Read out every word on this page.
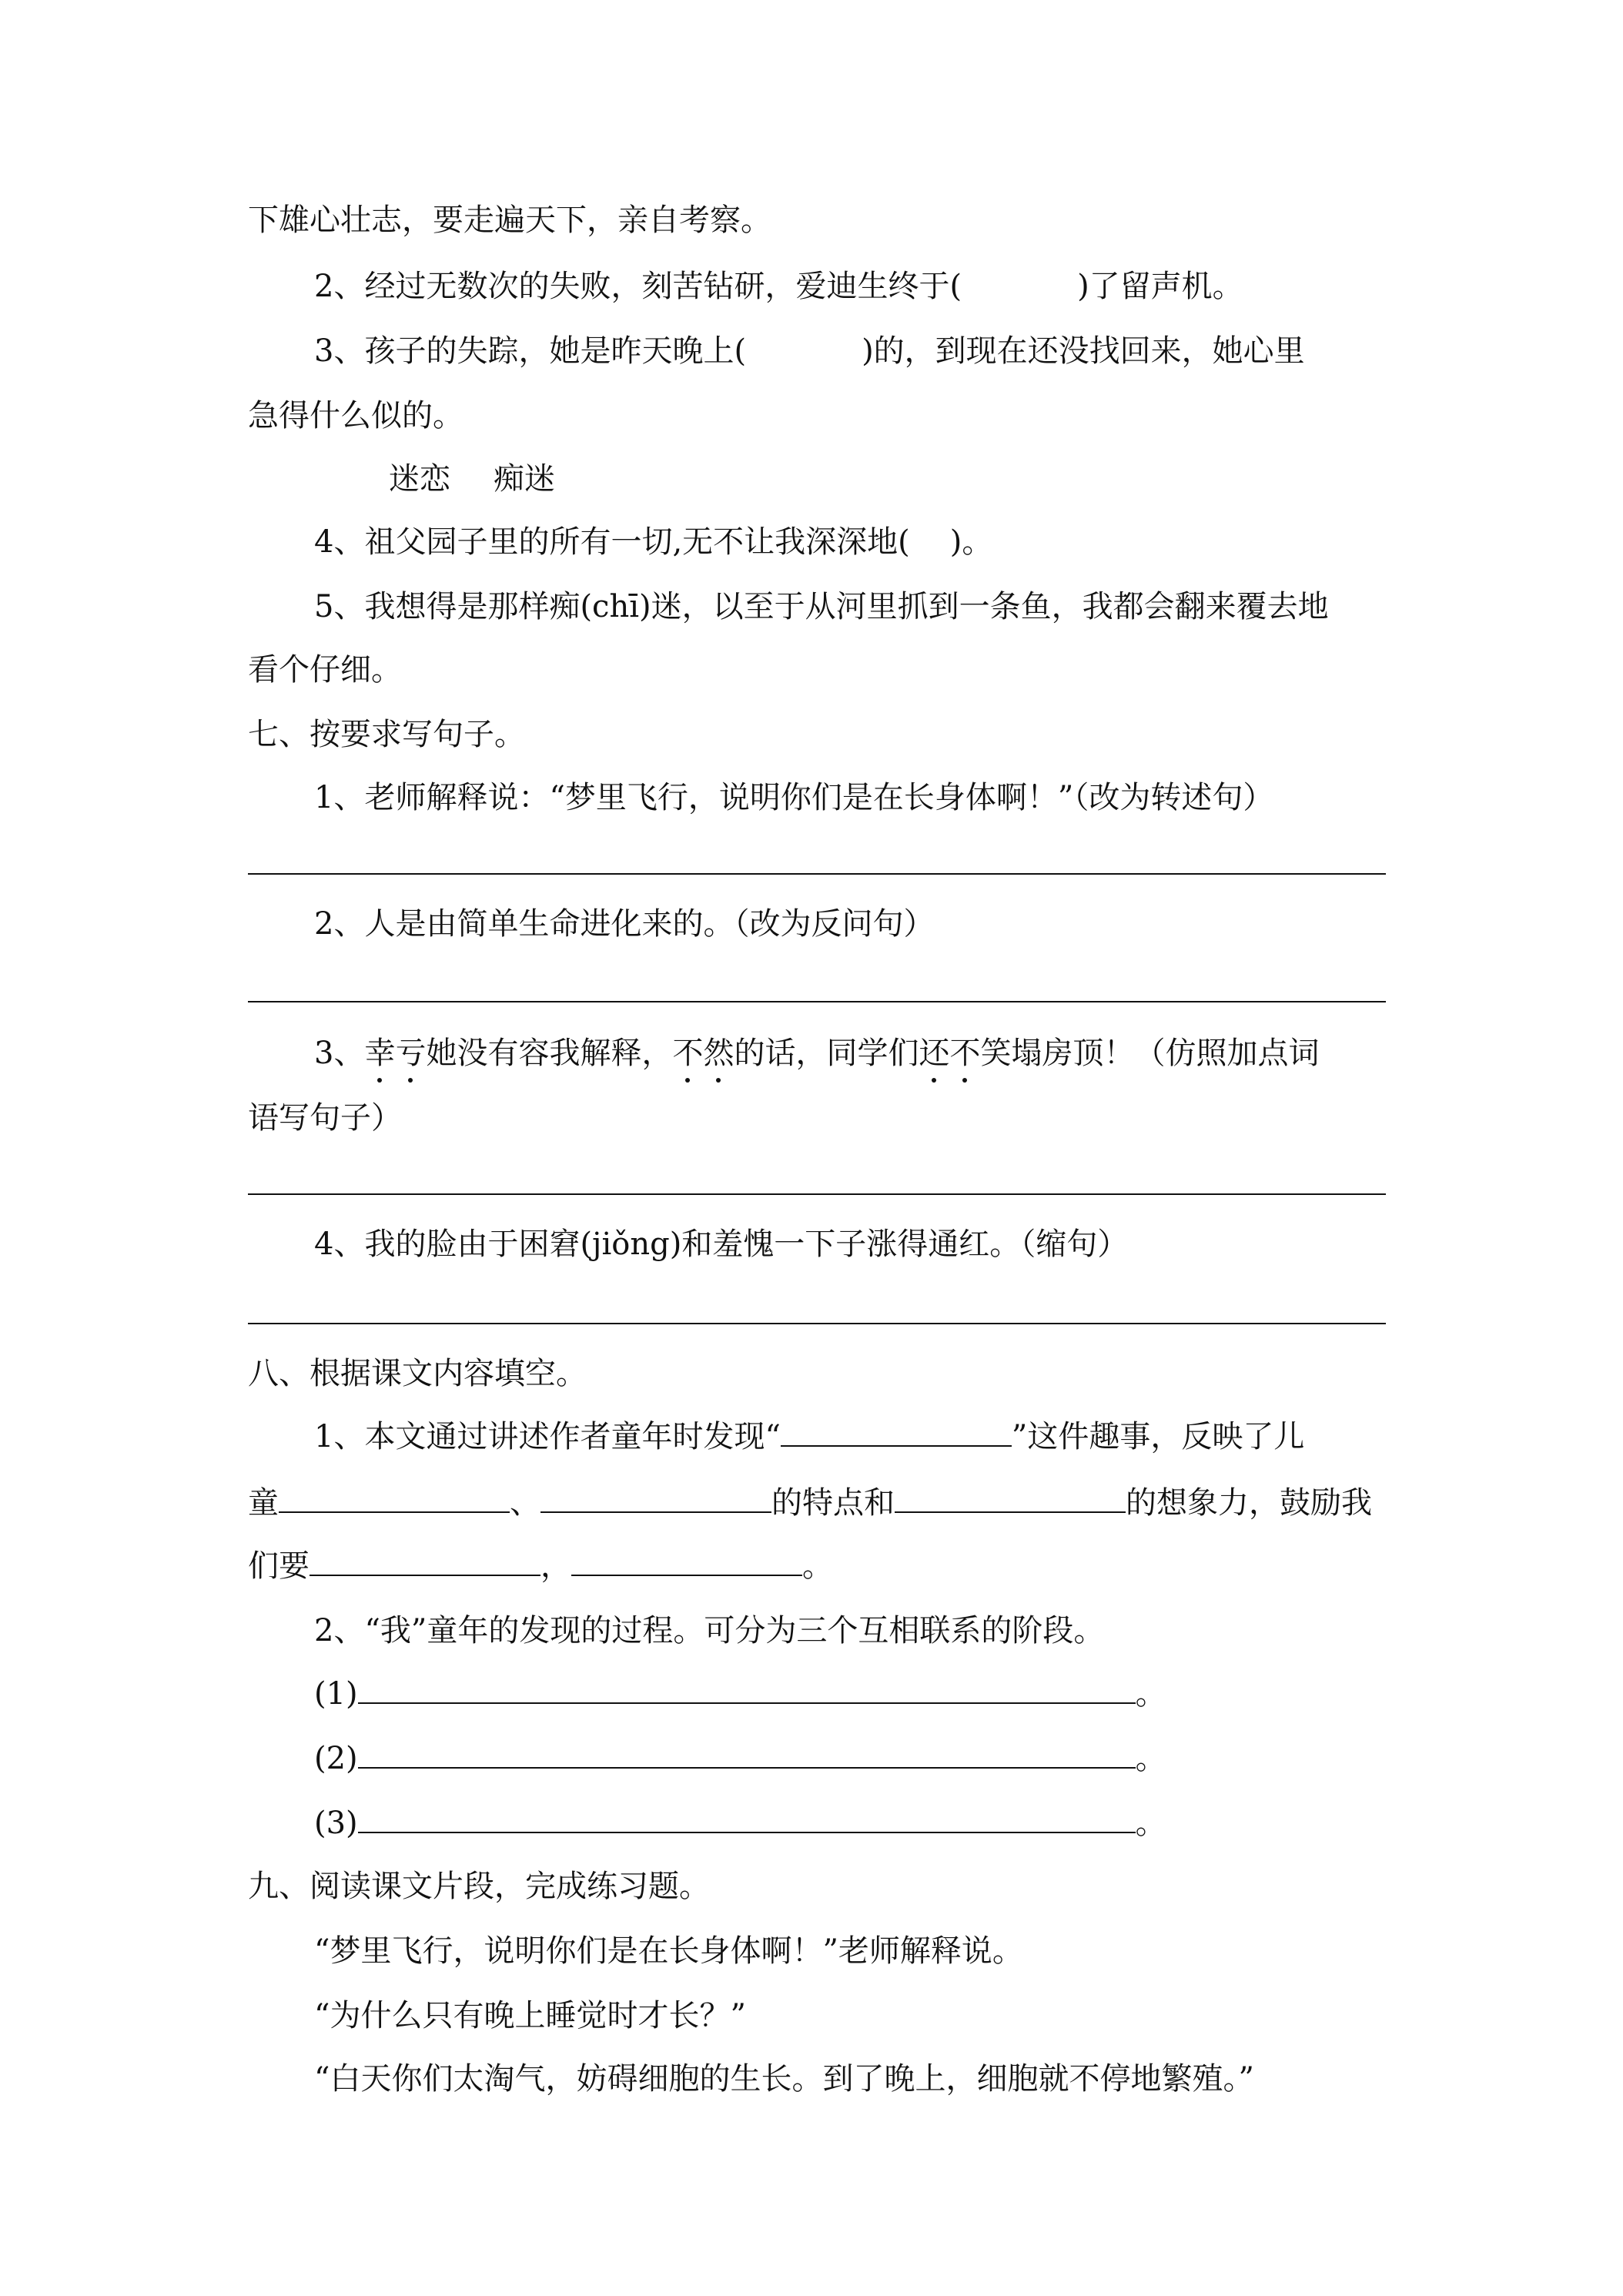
下雄心壮志，要走遍天下，亲自考察。
2、经过无数次的失败，刻苦钻研，爱迪生终于(	)了留声机。
3、孩子的失踪，她是昨天晚上(	)的，到现在还没找回来，她心里
急得什么似的。
迷恋 痴迷
4、祖父园子里的所有一切,无不让我深深地( )。
5、我想得是那样痴(chī)迷，以至于从河里抓到一条鱼，我都会翻来覆去地
看个仔细。
七、按要求写句子。
1、老师解释说：“梦里飞行，说明你们是在长身体啊！”（改为转述句）
2、人是由简单生命进化来的。（改为反问句）
3、幸亏她没有容我解释，不然的话，同学们还不笑塌房顶！（仿照加点词
语写句子）
4、我的脸由于困窘(jiǒng)和羞愧一下子涨得通红。（缩句）
八、根据课文内容填空。
1、本文通过讲述作者童年时发现“	”这件趣事，反映了儿
童	、	的特点和	的想象力，鼓励我
们要	，	。
2、“我”童年的发现的过程。可分为三个互相联系的阶段。
(1)	。
(2)	。
(3)	。
九、阅读课文片段，完成练习题。
“梦里飞行，说明你们是在长身体啊！”老师解释说。
“为什么只有晚上睡觉时才长？”
“白天你们太淘气，妨碍细胞的生长。到了晚上，细胞就不停地繁殖。”
